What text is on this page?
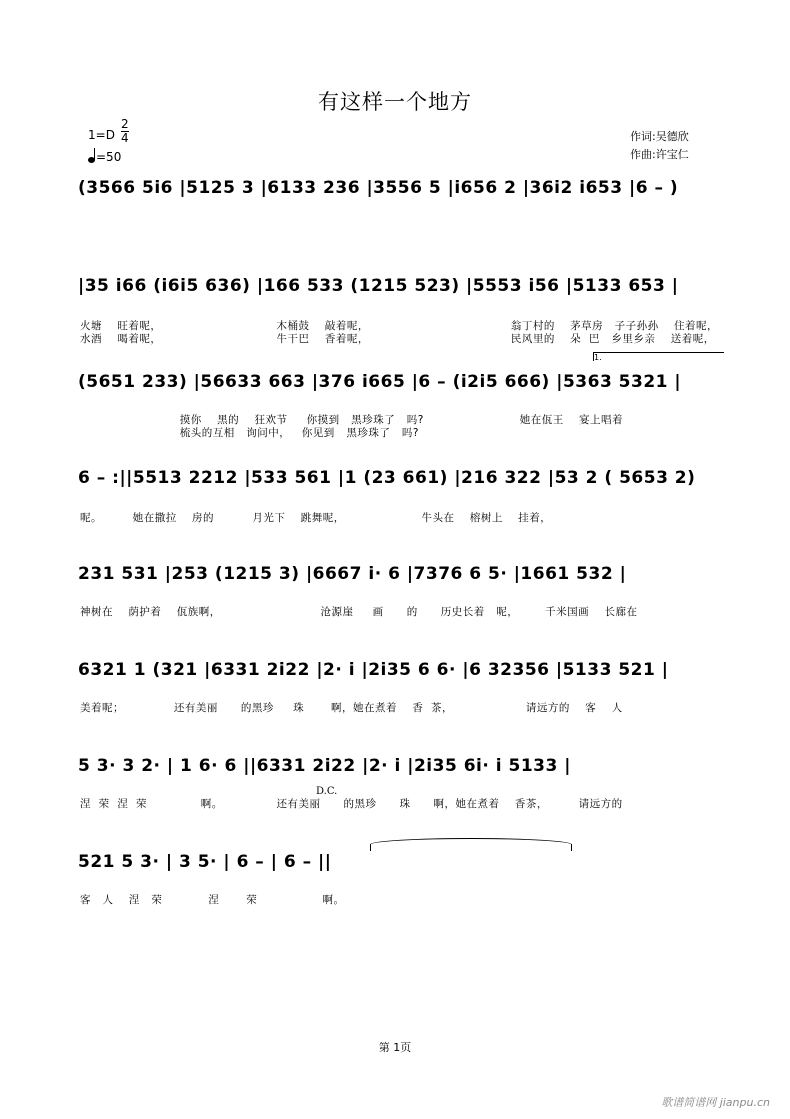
有这样一个地方
$1=D \frac{2}{4}$
=50
作词:吴德欣
作曲:许宝仁
(3566 5i6 |5125 3 |6133 236 |3556 5 |i656 2 |36i2 i653 |6 – )
|35 i66 (i6i5 636) |166 533 (1215 523) |5553 i56 |5133 653 |
火塘    旺着呢，                              木桶鼓    敲着呢，                                     翁丁村的    茅草房   子子孙孙    住着呢，
水酒    喝着呢，                              牛干巴    香着呢，                                     民风里的    朵  巴   乡里乡亲    送着呢，
1.
(5651 233) |56633 663 |376 i665 |6 – (i2i5 666) |5363 5321 |
摸你    黑的    狂欢节     你摸到   黑珍珠了   吗?                         她在佤王    宴上唱着
梳头的互相   询问中，   你见到   黑珍珠了   吗?
6 – :||5513 2212 |533 561 |1 (23 661) |216 322 |53 2 ( 5653 2)
呢。        她在撒拉    房的          月光下    跳舞呢，                    牛头在    榕树上    挂着，
231 531 |253 (1215 3) |6667 i· 6 |7376 6 5· |1661 532 |
神树在    荫护着    佤族啊，                          沧源崖     画      的      历史长着   呢，       千米国画    长廊在
6321 1 (321 |6331 2i22 |2· i |2i35 6 6· |6 32356 |5133 521 |
美着呢；             还有美丽      的黑珍     珠       啊，她在煮着    香  茶，                   请远方的    客    人
D.C.
5 3· 3 2· | 1 6· 6 ||6331 2i22 |2· i |2i35 6i· i 5133 |
涅  荣  涅  荣              啊。              还有美丽      的黑珍      珠      啊，她在煮着    香茶，        请远方的
521 5 3· | 3 5· | 6 – | 6 – ||
客   人    涅   荣            涅       荣                 啊。
第 1页
歌谱简谱网 jianpu.cn
